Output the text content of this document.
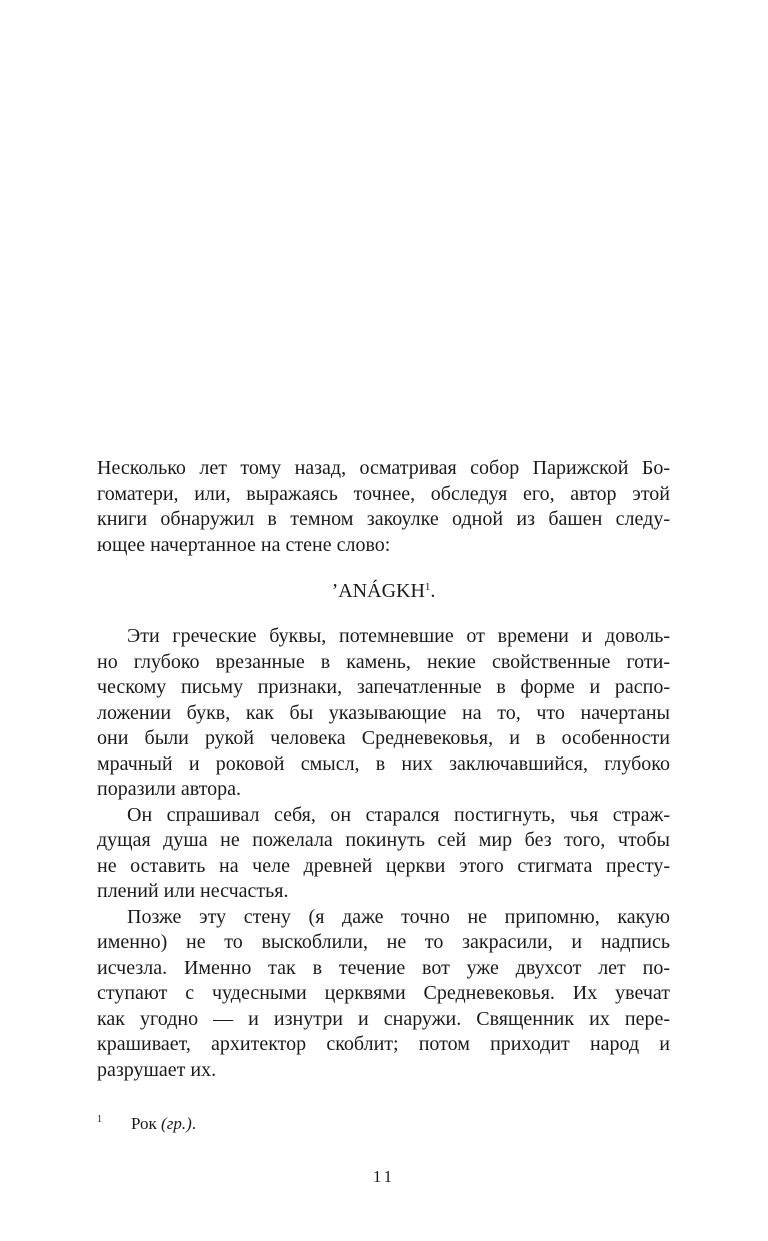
Несколько лет тому назад, осматривая собор Парижской Бо-
гоматери, или, выражаясь точнее, обследуя его, автор этой
книги обнаружил в темном закоулке одной из башен следу-
ющее начертанное на стене слово:
’ANÁGKH$^1$.
Эти греческие буквы, потемневшие от времени и доволь-
но глубоко врезанные в камень, некие свойственные готи-
ческому письму признаки, запечатленные в форме и распо-
ложении букв, как бы указывающие на то, что начертаны
они были рукой человека Средневековья, и в особенности
мрачный и роковой смысл, в них заключавшийся, глубоко
поразили автора.
Он спрашивал себя, он старался постигнуть, чья страж-
дущая душа не пожелала покинуть сей мир без того, чтобы
не оставить на челе древней церкви этого стигмата престу-
плений или несчастья.
Позже эту стену (я даже точно не припомню, какую
именно) не то выскоблили, не то закрасили, и надпись
исчезла. Именно так в течение вот уже двухсот лет по-
ступают с чудесными церквями Средневековья. Их увечат
как угодно — и изнутри и снаружи. Священник их пере-
крашивает, архитектор скоблит; потом приходит народ и
разрушает их.
1 Рок (гр.).
11
